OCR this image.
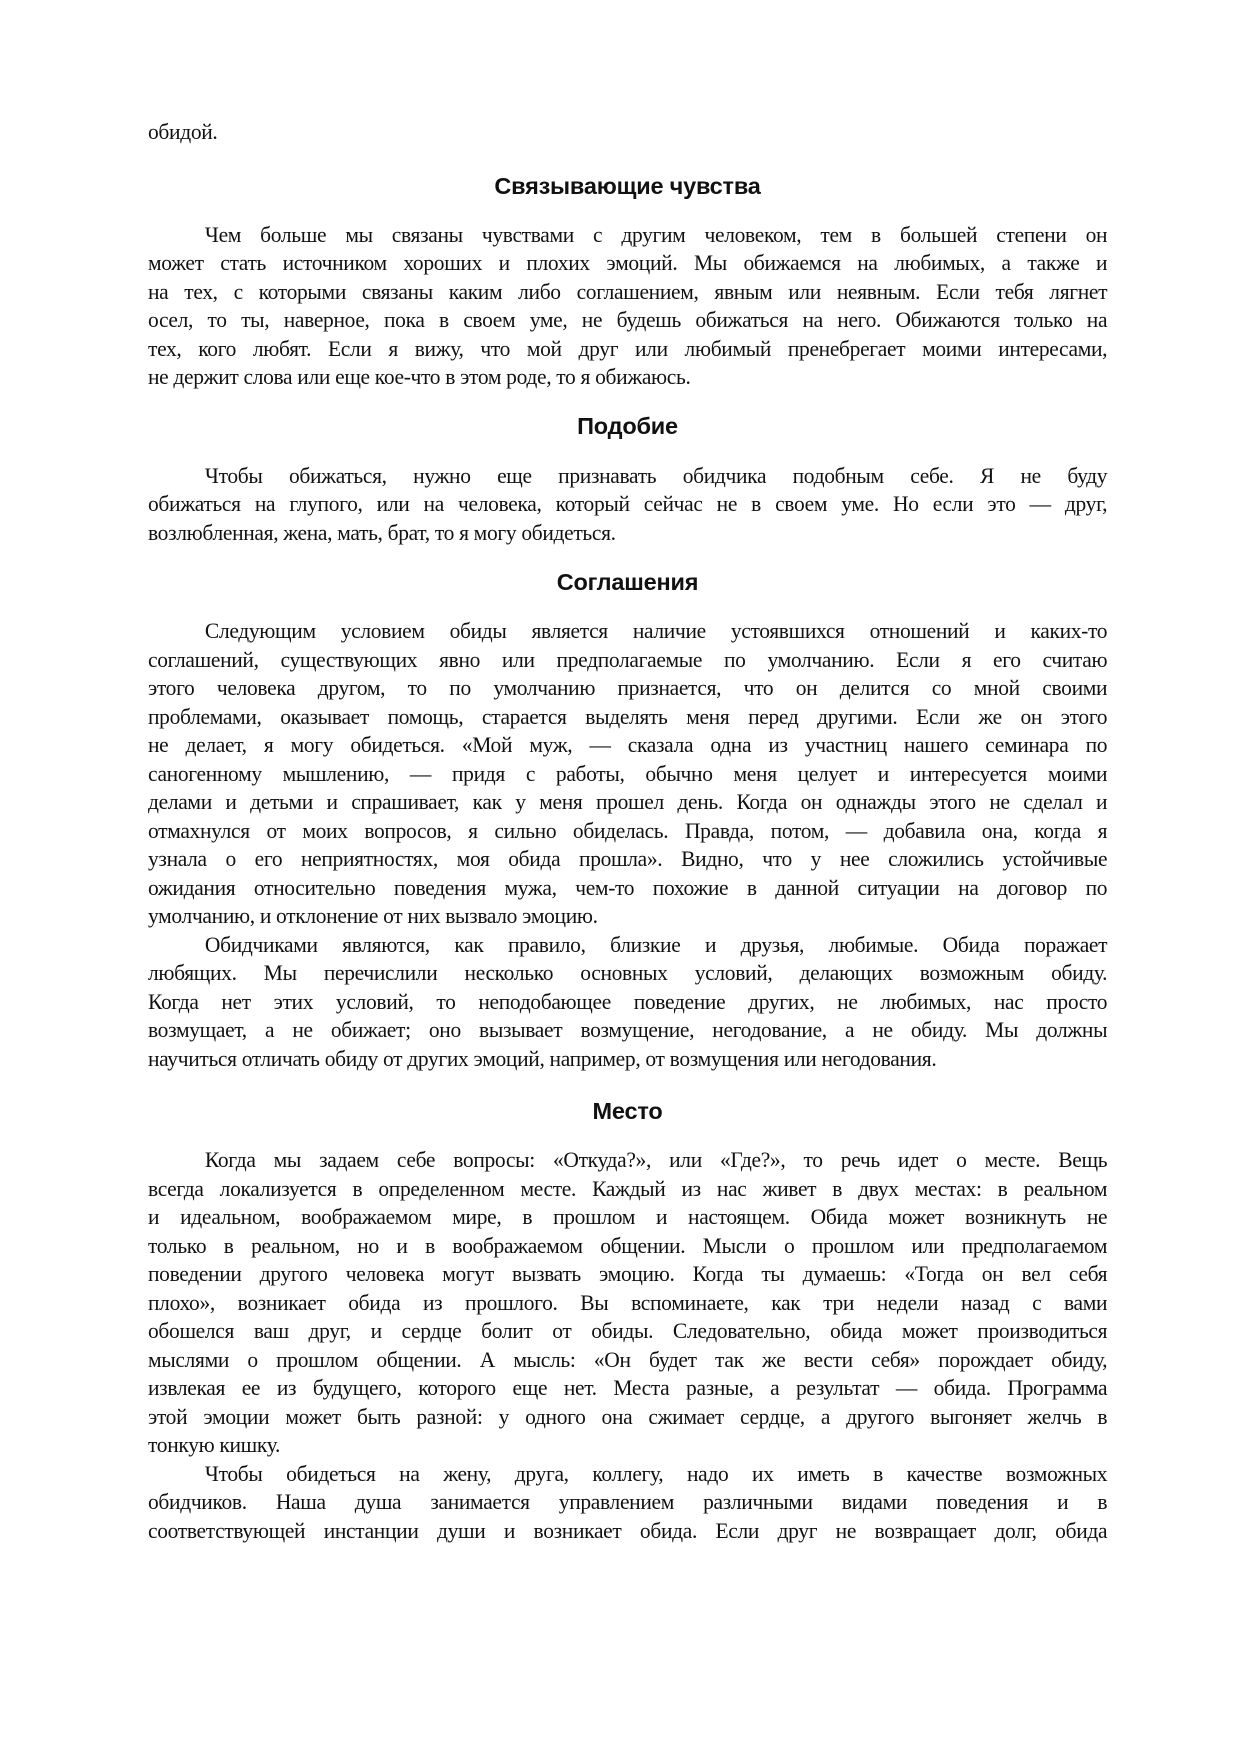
обидой.

Связывающие чувства
Чем больше мы связаны чувствами с другим человеком, тем в большей степени он
может стать источником хороших и плохих эмоций. Мы обижаемся на любимых, а также и
на тех, с которыми связаны каким либо соглашением, явным или неявным. Если тебя лягнет
осел, то ты, наверное, пока в своем уме, не будешь обижаться на него. Обижаются только на
тех, кого любят. Если я вижу, что мой друг или любимый пренебрегает моими интересами,
не держит слова или еще кое-что в этом роде, то я обижаюсь.
Подобие
Чтобы обижаться, нужно еще признавать обидчика подобным себе. Я не буду
обижаться на глупого, или на человека, который сейчас не в своем уме. Но если это — друг,
возлюбленная, жена, мать, брат, то я могу обидеться.
Соглашения
Следующим условием обиды является наличие устоявшихся отношений и каких-то
соглашений, существующих явно или предполагаемые по умолчанию. Если я его считаю
этого человека другом, то по умолчанию признается, что он делится со мной своими
проблемами, оказывает помощь, старается выделять меня перед другими. Если же он этого
не делает, я могу обидеться. «Мой муж, — сказала одна из участниц нашего семинара по
саногенному мышлению, — придя с работы, обычно меня целует и интересуется моими
делами и детьми и спрашивает, как у меня прошел день. Когда он однажды этого не сделал и
отмахнулся от моих вопросов, я сильно обиделась. Правда, потом, — добавила она, когда я
узнала о его неприятностях, моя обида прошла». Видно, что у нее сложились устойчивые
ожидания относительно поведения мужа, чем-то похожие в данной ситуации на договор по
умолчанию, и отклонение от них вызвало эмоцию.
Обидчиками являются, как правило, близкие и друзья, любимые. Обида поражает
любящих. Мы перечислили несколько основных условий, делающих возможным обиду.
Когда нет этих условий, то неподобающее поведение других, не любимых, нас просто
возмущает, а не обижает; оно вызывает возмущение, негодование, а не обиду. Мы должны
научиться отличать обиду от других эмоций, например, от возмущения или негодования.
Место
Когда мы задаем себе вопросы: «Откуда?», или «Где?», то речь идет о месте. Вещь
всегда локализуется в определенном месте. Каждый из нас живет в двух местах: в реальном
и идеальном, воображаемом мире, в прошлом и настоящем. Обида может возникнуть не
только в реальном, но и в воображаемом общении. Мысли о прошлом или предполагаемом
поведении другого человека могут вызвать эмоцию. Когда ты думаешь: «Тогда он вел себя
плохо», возникает обида из прошлого. Вы вспоминаете, как три недели назад с вами
обошелся ваш друг, и сердце болит от обиды. Следовательно, обида может производиться
мыслями о прошлом общении. А мысль: «Он будет так же вести себя» порождает обиду,
извлекая ее из будущего, которого еще нет. Места разные, а результат — обида. Программа
этой эмоции может быть разной: у одного она сжимает сердце, а другого выгоняет желчь в
тонкую кишку.
Чтобы обидеться на жену, друга, коллегу, надо их иметь в качестве возможных
обидчиков. Наша душа занимается управлением различными видами поведения и в
соответствующей инстанции души и возникает обида. Если друг не возвращает долг, обида
